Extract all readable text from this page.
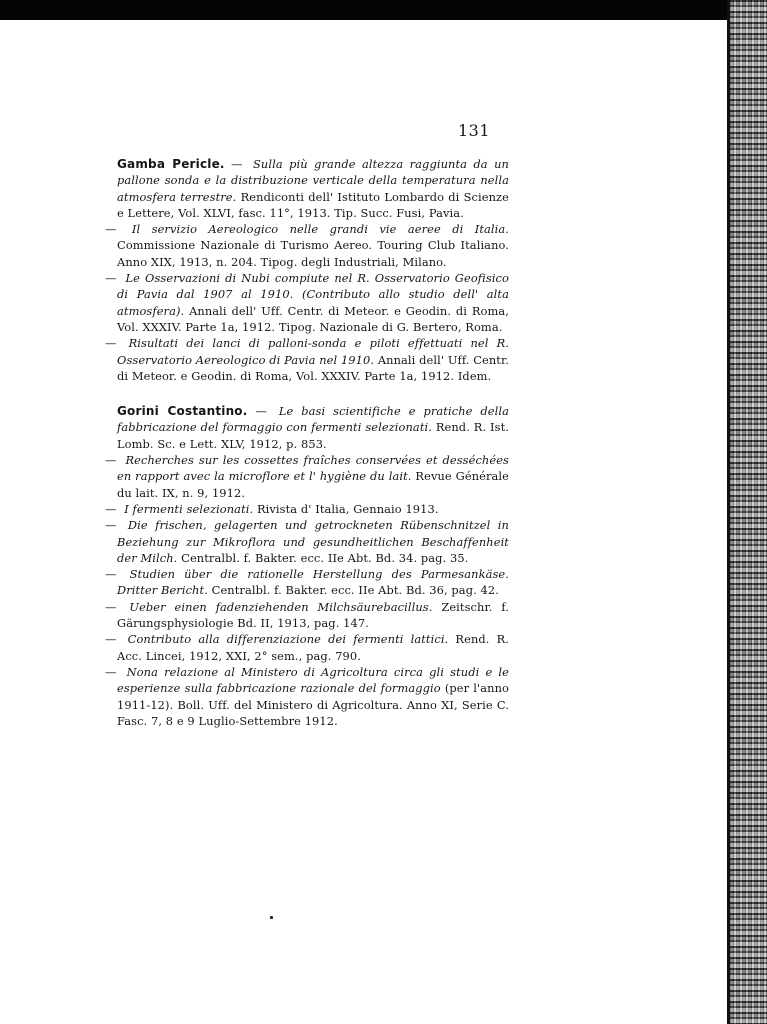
131

Gamba Pericle. — Sulla più grande altezza raggiunta da un pallone sonda e la distribuzione verticale della temperatura nella atmosfera terrestre. Rendiconti dell' Istituto Lombardo di Scienze e Lettere, Vol. XLVI, fasc. 11°, 1913. Tip. Succ. Fusi, Pavia.

— Il servizio Aereologico nelle grandi vie aeree di Italia. Commissione Nazionale di Turismo Aereo. Touring Club Italiano. Anno XIX, 1913, n. 204. Tipog. degli Industriali, Milano.

— Le Osservazioni di Nubi compiute nel R. Osservatorio Geofisico di Pavia dal 1907 al 1910. (Contributo allo studio dell' alta atmosfera). Annali dell' Uff. Centr. di Meteor. e Geodin. di Roma, Vol. XXXIV. Parte 1a, 1912. Tipog. Nazionale di G. Bertero, Roma.

— Risultati dei lanci di palloni-sonda e piloti effettuati nel R. Osservatorio Aereologico di Pavia nel 1910. Annali dell' Uff. Centr. di Meteor. e Geodin. di Roma, Vol. XXXIV. Parte 1a, 1912. Idem.

Gorini Costantino. — Le basi scientifiche e pratiche della fabbricazione del formaggio con fermenti selezionati. Rend. R. Ist. Lomb. Sc. e Lett. XLV, 1912, p. 853.

— Recherches sur les cossettes fraîches conservées et desséchées en rapport avec la microflore et l' hygiène du lait. Revue Générale du lait. IX, n. 9, 1912.

— I fermenti selezionati. Rivista d' Italia, Gennaio 1913.

— Die frischen, gelagerten und getrockneten Rübenschnitzel in Beziehung zur Mikroflora und gesundheitlichen Beschaffenheit der Milch. Centralbl. f. Bakter. ecc. IIe Abt. Bd. 34. pag. 35.

— Studien über die rationelle Herstellung des Parmesankäse. Dritter Bericht. Centralbl. f. Bakter. ecc. IIe Abt. Bd. 36, pag. 42.

— Ueber einen fadenziehenden Milchsäurebacillus. Zeitschr. f. Gärungsphysiologie Bd. II, 1913, pag. 147.

— Contributo alla differenziazione dei fermenti lattici. Rend. R. Acc. Lincei, 1912, XXI, 2° sem., pag. 790.

— Nona relazione al Ministero di Agricoltura circa gli studi e le esperienze sulla fabbricazione razionale del formaggio (per l'anno 1911-12). Boll. Uff. del Ministero di Agricoltura. Anno XI, Serie C. Fasc. 7, 8 e 9 Luglio-Settembre 1912.
